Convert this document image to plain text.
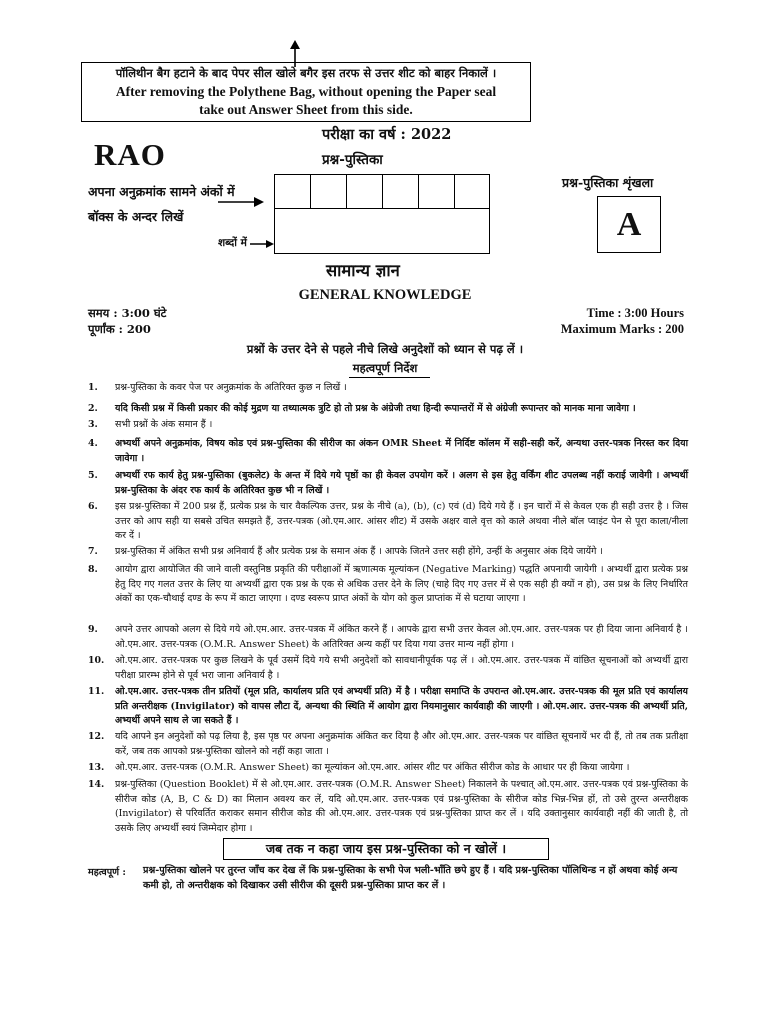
पॉलिथीन बैग हटाने के बाद पेपर सील खोले बगैर इस तरफ से उत्तर शीट को बाहर निकालें ।
After removing the Polythene Bag, without opening the Paper seal
take out Answer Sheet from this side.
परीक्षा का वर्ष : 2022
RAO	प्रश्न-पुस्तिका
प्रश्न-पुस्तिका शृंखला
A
अपना अनुक्रमांक सामने अंकों में
बॉक्स के अन्दर लिखें
शब्दों में
सामान्य ज्ञान
GENERAL KNOWLEDGE
समय : 3:00 घंटे
पूर्णांक : 200
Time : 3:00 Hours
Maximum Marks : 200
प्रश्नों के उत्तर देने से पहले नीचे लिखे अनुदेशों को ध्यान से पढ़ लें ।
महत्वपूर्ण निर्देश
1.	प्रश्न-पुस्तिका के कवर पेज पर अनुक्रमांक के अतिरिक्त कुछ न लिखें ।
2.	यदि किसी प्रश्न में किसी प्रकार की कोई मुद्रण या तथ्यात्मक त्रुटि हो तो प्रश्न के अंग्रेजी तथा हिन्दी रूपान्तरों में से अंग्रेजी रूपान्तर को मानक माना जावेगा ।
3.	सभी प्रश्नों के अंक समान हैं ।
4.	अभ्यर्थी अपने अनुक्रमांक, विषय कोड एवं प्रश्न-पुस्तिका की सीरीज का अंकन OMR Sheet में निर्दिष्ट कॉलम में सही-सही करें, अन्यथा उत्तर-पत्रक निरस्त कर दिया जावेगा ।
5.	अभ्यर्थी रफ कार्य हेतु प्रश्न-पुस्तिका (बुकलेट) के अन्त में दिये गये पृष्ठों का ही केवल उपयोग करें । अलग से इस हेतु वर्किंग शीट उपलब्ध नहीं कराई जावेगी । अभ्यर्थी प्रश्न-पुस्तिका के अंदर रफ कार्य के अतिरिक्त कुछ भी न लिखें ।
6.	इस प्रश्न-पुस्तिका में 200 प्रश्न हैं, प्रत्येक प्रश्न के चार वैकल्पिक उत्तर, प्रश्न के नीचे (a), (b), (c) एवं (d) दिये गये हैं । इन चारों में से केवल एक ही सही उत्तर है । जिस उत्तर को आप सही या सबसे उचित समझते हैं, उत्तर-पत्रक (ओ.एम.आर. आंसर शीट) में उसके अक्षर वाले वृत्त को काले अथवा नीले बॉल प्वाइंट पेन से पूरा काला/नीला कर दें ।
7.	प्रश्न-पुस्तिका में अंकित सभी प्रश्न अनिवार्य हैं और प्रत्येक प्रश्न के समान अंक हैं । आपके जितने उत्तर सही होंगे, उन्हीं के अनुसार अंक दिये जायेंगे ।
8.	आयोग द्वारा आयोजित की जाने वाली वस्तुनिष्ठ प्रकृति की परीक्षाओं में ऋणात्मक मूल्यांकन (Negative Marking) पद्धति अपनायी जायेगी । अभ्यर्थी द्वारा प्रत्येक प्रश्न हेतु दिए गए गलत उत्तर के लिए या अभ्यर्थी द्वारा एक प्रश्न के एक से अधिक उत्तर देने के लिए (चाहे दिए गए उत्तर में से एक सही ही क्यों न हो), उस प्रश्न के लिए निर्धारित अंकों का एक-चौथाई दण्ड के रूप में काटा जाएगा । दण्ड स्वरूप प्राप्त अंकों के योग को कुल प्राप्तांक में से घटाया जाएगा ।
9.	अपने उत्तर आपको अलग से दिये गये ओ.एम.आर. उत्तर-पत्रक में अंकित करने हैं । आपके द्वारा सभी उत्तर केवल ओ.एम.आर. उत्तर-पत्रक पर ही दिया जाना अनिवार्य है । ओ.एम.आर. उत्तर-पत्रक (O.M.R. Answer Sheet) के अतिरिक्त अन्य कहीं पर दिया गया उत्तर मान्य नहीं होगा ।
10.	ओ.एम.आर. उत्तर-पत्रक पर कुछ लिखने के पूर्व उसमें दिये गये सभी अनुदेशों को सावधानीपूर्वक पढ़ लें । ओ.एम.आर. उत्तर-पत्रक में वांछित सूचनाओं को अभ्यर्थी द्वारा परीक्षा प्रारम्भ होने से पूर्व भरा जाना अनिवार्य है ।
11.	ओ.एम.आर. उत्तर-पत्रक तीन प्रतियों (मूल प्रति, कार्यालय प्रति एवं अभ्यर्थी प्रति) में है । परीक्षा समाप्ति के उपरान्त ओ.एम.आर. उत्तर-पत्रक की मूल प्रति एवं कार्यालय प्रति अन्तरीक्षक (Invigilator) को वापस लौटा दें, अन्यथा की स्थिति में आयोग द्वारा नियमानुसार कार्यवाही की जाएगी । ओ.एम.आर. उत्तर-पत्रक की अभ्यर्थी प्रति, अभ्यर्थी अपने साथ ले जा सकते हैं ।
12.	यदि आपने इन अनुदेशों को पढ़ लिया है, इस पृष्ठ पर अपना अनुक्रमांक अंकित कर दिया है और ओ.एम.आर. उत्तर-पत्रक पर वांछित सूचनायें भर दी हैं, तो तब तक प्रतीक्षा करें, जब तक आपको प्रश्न-पुस्तिका खोलने को नहीं कहा जाता ।
13.	ओ.एम.आर. उत्तर-पत्रक (O.M.R. Answer Sheet) का मूल्यांकन ओ.एम.आर. आंसर शीट पर अंकित सीरीज कोड के आधार पर ही किया जायेगा ।
14.	प्रश्न-पुस्तिका (Question Booklet) में से ओ.एम.आर. उत्तर-पत्रक (O.M.R. Answer Sheet) निकालने के पश्चात् ओ.एम.आर. उत्तर-पत्रक एवं प्रश्न-पुस्तिका के सीरीज कोड (A, B, C & D) का मिलान अवश्य कर लें, यदि ओ.एम.आर. उत्तर-पत्रक एवं प्रश्न-पुस्तिका के सीरीज कोड भिन्न-भिन्न हों, तो उसे तुरन्त अन्तरीक्षक (Invigilator) से परिवर्तित कराकर समान सीरीज कोड की ओ.एम.आर. उत्तर-पत्रक एवं प्रश्न-पुस्तिका प्राप्त कर लें । यदि उक्तानुसार कार्यवाही नहीं की जाती है, तो उसके लिए अभ्यर्थी स्वयं जिम्मेदार होगा ।
जब तक न कहा जाय इस प्रश्न-पुस्तिका को न खोलें ।
महत्वपूर्ण : प्रश्न-पुस्तिका खोलने पर तुरन्त जाँच कर देख लें कि प्रश्न-पुस्तिका के सभी पेज भली-भाँति छपे हुए हैं । यदि प्रश्न-पुस्तिका पॉलिथिन्ड न हों अथवा कोई अन्य कमी हो, तो अन्तरीक्षक को दिखाकर उसी सीरीज की दूसरी प्रश्न-पुस्तिका प्राप्त कर लें ।
